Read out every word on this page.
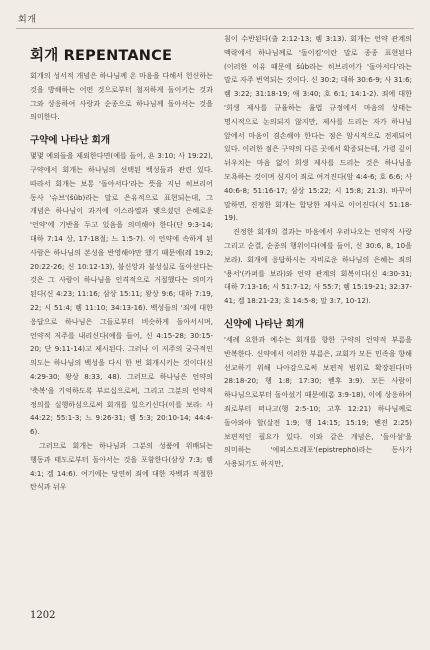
회개
회개 REPENTANCE

회개의 성서적 개념은 하나님께 온 마음을 다해서 헌신하는 것을 방해하는 어떤 것으로부터 철저하게 돌이키는 것과 그와 상응하여 사랑과 순종으로 하나님께 돌아서는 것을 의미한다.

구약에 나타난 회개

몇몇 예외들을 제외한다면(예를 들어, 욘 3:10; 사 19:22), 구약에서 회개는 하나님의 선택된 백성들과 관련 있다. 따라서 회개는 보통 '돌아서다'라는 뜻을 지닌 히브리어 동사 '슈브'(šûb)라는 말로 은유적으로 표현되는데, 그 개념은 하나님이 과거에 이스라엘과 맺으셨던 은혜로운 '언약'에 기반을 두고 있음을 의미해야 한다(단 9:3-14; 대하 7:14 상, 17-18절; 느 1:5-7). 이 언약에 속하게 된 사람은 하나님의 본성을 반영해야만 했기 때문에(레 19:2; 20:22-26; 신 10:12-13), 불신앙과 불성실로 돌아선다는 것은 그 사람이 하나님을 인격적으로 거절했다는 의미가 된다(신 4:23; 11:16; 삼상 15:11; 왕상 9:6; 대하 7:19, 22; 시 51:4; 렘 11:10; 34:13-16). 백성들의 '죄에 대한 응답으로 하나님은 그들로부터 비슷하게 돌아서시며, 언약적 저주를 내리신다(예를 들어, 신 4:15-28; 30:15-20; 단 9:11-14)고 제시된다. 그러나 이 저주의 궁극적인 의도는 하나님의 백성을 다시 한 번 회개시키는 것이다(신 4:29-30; 왕상 8:33, 48). 그러므로 하나님은 언약의 '축복'을 기억하도록 부르십으로써, 그리고 그분의 언약적 정의를 실행하심으로써 회개를 일으키신다(이를 보라: 사 44:22; 55:1-3; 느 9:26-31; 렘 5:3; 20:10-14; 44:4-6).

그러므로 회개는 하나님과 그분의 성품에 위배되는 행동과 태도로부터 돌아서는 것을 포함한다(삼상 7:3; 렘 4:1; 겔 14:6). 여기에는 당연히 죄에 대한 자백과 적절한 탄식과 뉘우

침이 수반된다(출 2:12-13; 렘 3:13). 회개는 언약 관계의 맥락에서 하나님께로 '돌이킴'이란 말로 종종 표현된다(이러한 이유 때문에 šûb라는 히브리어가 '돌아서다'라는 말로 자주 번역되는 것이다. 신 30:2; 대하 30:6-9; 사 31:6; 렘 3:22; 31:18-19; 애 3:40; 호 6:1; 14:1-2). 죄에 대한 '희생 제사를 규율하는 율법 규정에서 마음의 상태는 명시적으로 논의되지 않지만, 제사를 드리는 자가 하나님 앞에서 마음이 겸손해야 한다는 점은 암시적으로 전제되어 있다. 이러한 점은 구약의 다른 곳에서 확증되는데, 가령 깊이 뉘우치는 마음 없이 희생 제사를 드리는 것은 하나님을 모욕하는 것이며 심지어 죄로 여겨진다(암 4:4-6; 호 6:6; 사 40:6-8; 51:16-17; 삼상 15:22; 시 15:8; 21:3). 바꾸어 말하면, 진정한 회개는 합당한 제사로 이어진다(시 51:18-19).

진정한 회개의 결과는 마음에서 우러나오는 언약적 사랑 그리고 순결, 순종의 행위이다(예를 들어, 신 30:6, 8, 10을 보라). 회개에 응답하시는 자비로운 하나님의 은혜는 죄의 '용서'(카퍼를 보라)와 언약 관계의 회복이다(신 4:30-31; 대하 7:13-16; 시 51:7-12; 사 55:7; 렘 15:19-21; 32:37-41; 겔 18:21-23; 호 14:5-8; 말 3:7, 10-12).

신약에 나타난 회개

'세례 요한과 예수는 회개를 향한 구약의 언약적 부름을 반복한다. 신약에서 이러한 부름은, 교회가 모든 민족을 향해 선교하기 위해 나아감으로써 보편적 범위로 확장된다(마 28:18-20; 행 1:8; 17:30; 벧후 3:9). 모든 사람이 하나님으로부터 돌아섰기 때문에(롬 3:9-18), 이에 상응하여 죄로부터 떠나고(행 2:5-10; 고후 12:21) 하나님께로 돌아와야 할(살전 1:9; 행 14:15; 15:19; 벧전 2:25) 보편적인 필요가 있다. 이와 같은 개념은, '돌아섬'을 의미하는 '에피스트레포'(epistrephō)라는 동사가 사용되기도 하지만,

1202
